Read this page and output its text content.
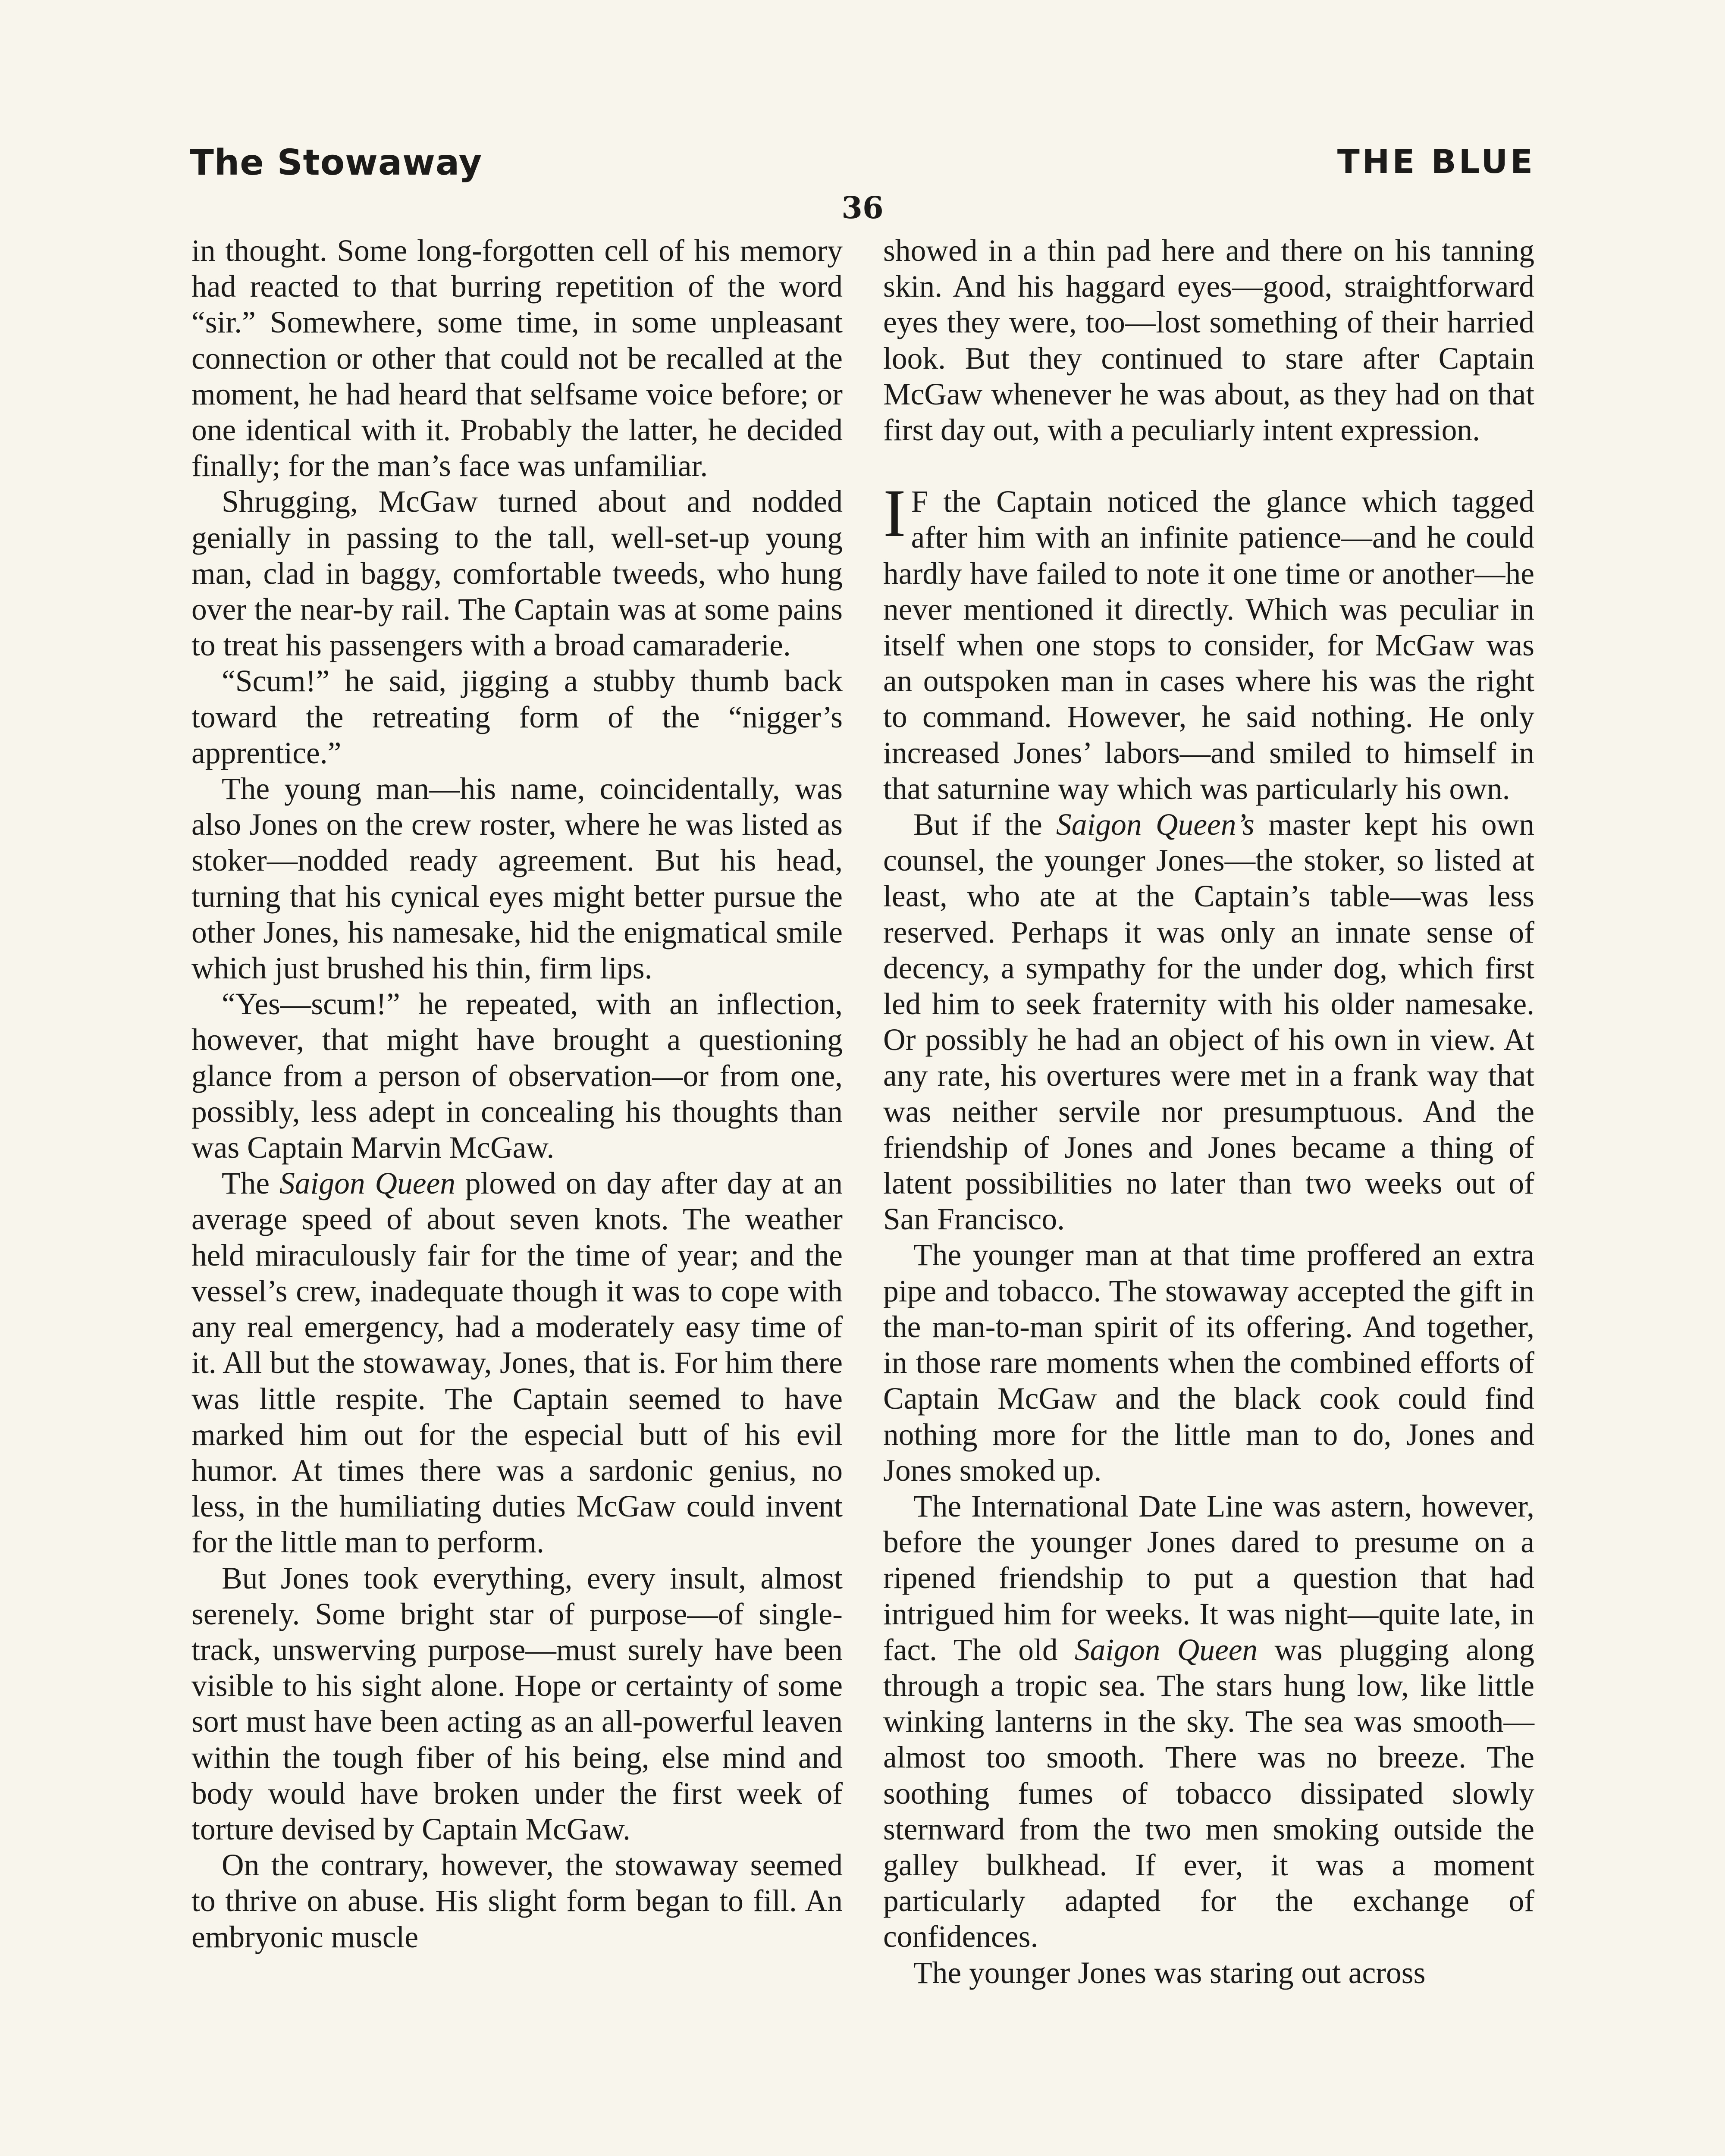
The Stowaway	THE BLUE
36

in thought. Some long-forgotten cell of his memory had reacted to that burring repetition of the word “sir.” Somewhere, some time, in some unpleasant connection or other that could not be recalled at the moment, he had heard that selfsame voice before; or one identical with it. Probably the latter, he decided finally; for the man’s face was unfamiliar.

Shrugging, McGaw turned about and nodded genially in passing to the tall, well-set-up young man, clad in baggy, comfortable tweeds, who hung over the near-by rail. The Captain was at some pains to treat his passengers with a broad camaraderie.

“Scum!” he said, jigging a stubby thumb back toward the retreating form of the “nigger’s apprentice.”

The young man—his name, coincidentally, was also Jones on the crew roster, where he was listed as stoker—nodded ready agreement. But his head, turning that his cynical eyes might better pursue the other Jones, his namesake, hid the enigmatical smile which just brushed his thin, firm lips.

“Yes—scum!” he repeated, with an inflection, however, that might have brought a questioning glance from a person of observation—or from one, possibly, less adept in concealing his thoughts than was Captain Marvin McGaw.

The Saigon Queen plowed on day after day at an average speed of about seven knots. The weather held miraculously fair for the time of year; and the vessel’s crew, inadequate though it was to cope with any real emergency, had a moderately easy time of it. All but the stowaway, Jones, that is. For him there was little respite. The Captain seemed to have marked him out for the especial butt of his evil humor. At times there was a sardonic genius, no less, in the humiliating duties McGaw could invent for the little man to perform.

But Jones took everything, every insult, almost serenely. Some bright star of purpose—of single-track, unswerving purpose—must surely have been visible to his sight alone. Hope or certainty of some sort must have been acting as an all-powerful leaven within the tough fiber of his being, else mind and body would have broken under the first week of torture devised by Captain McGaw.

On the contrary, however, the stowaway seemed to thrive on abuse. His slight form began to fill. An embryonic muscle

showed in a thin pad here and there on his tanning skin. And his haggard eyes—good, straightforward eyes they were, too—lost something of their harried look. But they continued to stare after Captain McGaw whenever he was about, as they had on that first day out, with a peculiarly intent expression.

I F the Captain noticed the glance which tagged after him with an infinite patience—and he could hardly have failed to note it one time or another—he never mentioned it directly. Which was peculiar in itself when one stops to consider, for McGaw was an outspoken man in cases where his was the right to command. However, he said nothing. He only increased Jones’ labors—and smiled to himself in that saturnine way which was particularly his own.

But if the Saigon Queen’s master kept his own counsel, the younger Jones—the stoker, so listed at least, who ate at the Captain’s table—was less reserved. Perhaps it was only an innate sense of decency, a sympathy for the under dog, which first led him to seek fraternity with his older namesake. Or possibly he had an object of his own in view. At any rate, his overtures were met in a frank way that was neither servile nor presumptuous. And the friendship of Jones and Jones became a thing of latent possibilities no later than two weeks out of San Francisco.

The younger man at that time proffered an extra pipe and tobacco. The stowaway accepted the gift in the man-to-man spirit of its offering. And together, in those rare moments when the combined efforts of Captain McGaw and the black cook could find nothing more for the little man to do, Jones and Jones smoked up.

The International Date Line was astern, however, before the younger Jones dared to presume on a ripened friendship to put a question that had intrigued him for weeks. It was night—quite late, in fact. The old Saigon Queen was plugging along through a tropic sea. The stars hung low, like little winking lanterns in the sky. The sea was smooth—almost too smooth. There was no breeze. The soothing fumes of tobacco dissipated slowly sternward from the two men smoking outside the galley bulkhead. If ever, it was a moment particularly adapted for the exchange of confidences.

The younger Jones was staring out across
